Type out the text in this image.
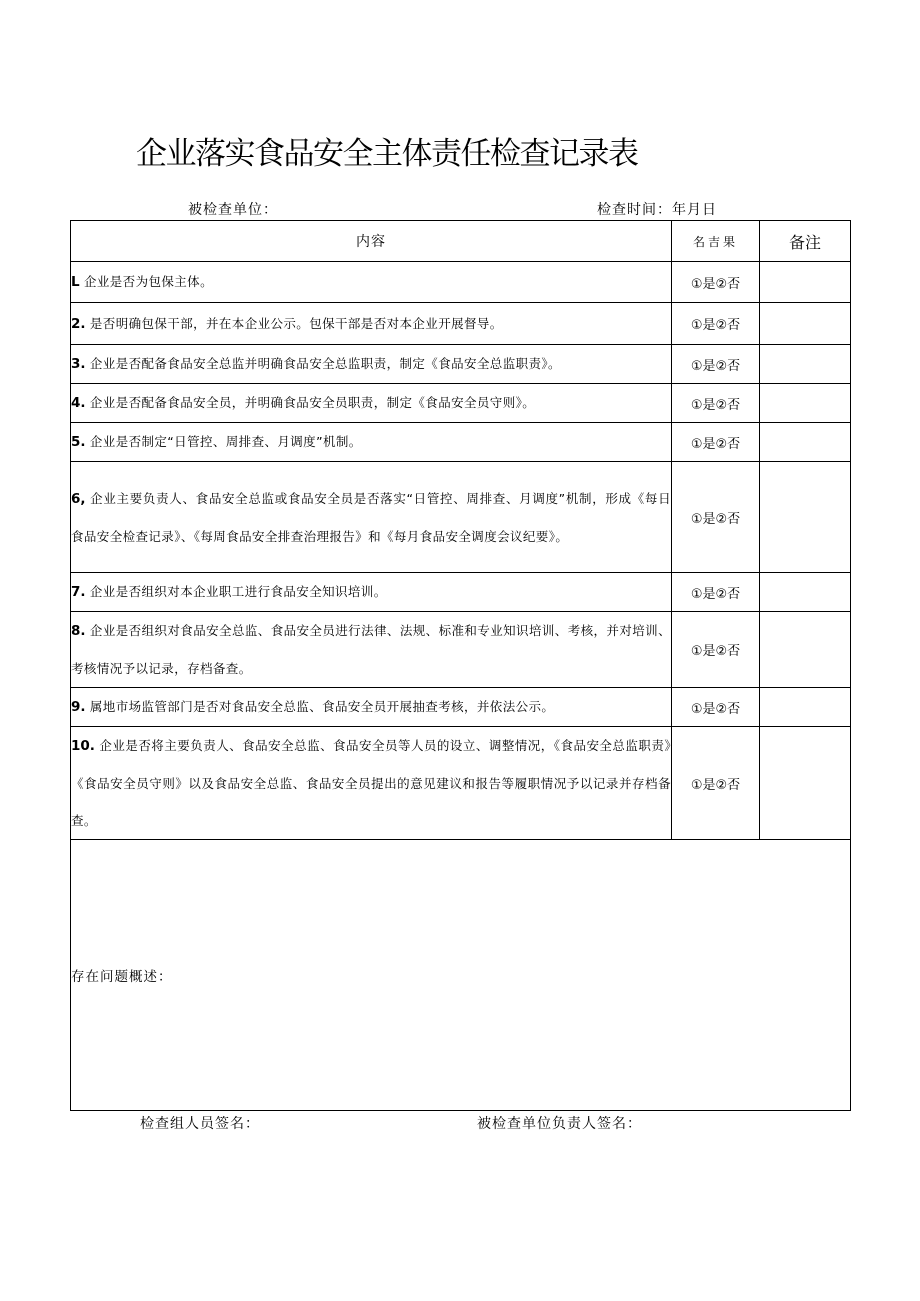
企业落实食品安全主体责任检查记录表
被检查单位：	检查时间：年月日
内容	名吉果	备注
L 企业是否为包保主体。	①是②否	
2. 是否明确包保干部，并在本企业公示。包保干部是否对本企业开展督导。	①是②否	
3. 企业是否配备食品安全总监并明确食品安全总监职责，制定《食品安全总监职责》。	①是②否	
4. 企业是否配备食品安全员，并明确食品安全员职责，制定《食品安全员守则》。	①是②否	
5. 企业是否制定“日管控、周排查、月调度”机制。	①是②否	
6, 企业主要负责人、食品安全总监或食品安全员是否落实“日管控、周排查、月调度”机制，形成《每日食品安全检查记录》、《每周食品安全排查治理报告》和《每月食品安全调度会议纪要》。	①是②否	
7. 企业是否组织对本企业职工进行食品安全知识培训。	①是②否	
8. 企业是否组织对食品安全总监、食品安全员进行法律、法规、标准和专业知识培训、考核，并对培训、考核情况予以记录，存档备查。	①是②否	
9. 属地市场监管部门是否对食品安全总监、食品安全员开展抽查考核，并依法公示。	①是②否	
10. 企业是否将主要负责人、食品安全总监、食品安全员等人员的设立、调整情况，《食品安全总监职责》《食品安全员守则》以及食品安全总监、食品安全员提出的意见建议和报告等履职情况予以记录并存档备查。	①是②否	
存在问题概述：		
检查组人员签名：	被检查单位负责人签名：
